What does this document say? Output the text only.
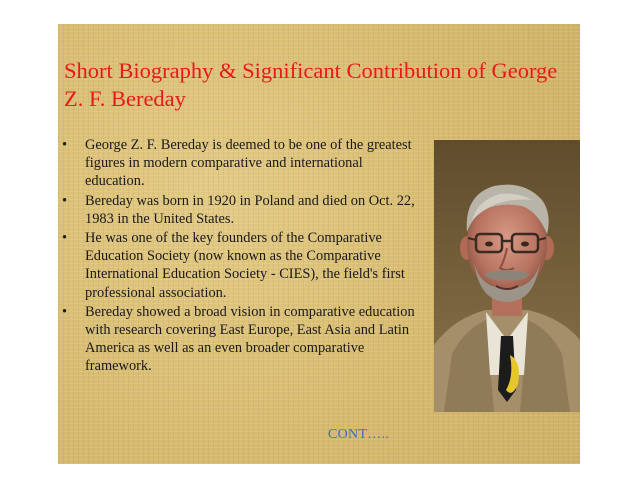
Short Biography & Significant Contribution of George Z. F. Bereday
• George Z. F. Bereday is deemed to be one of the greatest figures in modern comparative and international education.
• Bereday was born in 1920 in Poland and died on Oct. 22, 1983 in the United States.
• He was one of the key founders of the Comparative Education Society (now known as the Comparative International Education Society - CIES), the field's first professional association.
• Bereday showed a broad vision in comparative education with research covering East Europe, East Asia and Latin America as well as an even broader comparative framework.
CONT…..
